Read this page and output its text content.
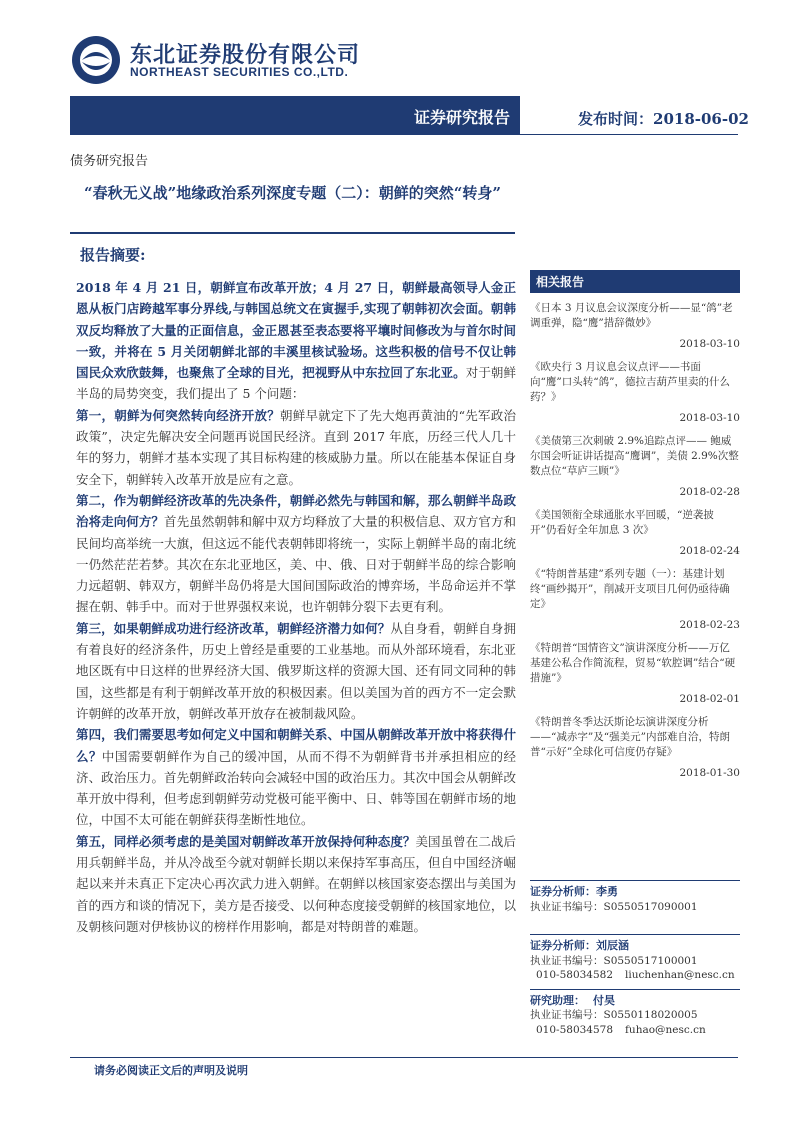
东北证券股份有限公司
NORTHEAST SECURITIES CO.,LTD.
证券研究报告	发布时间：2018-06-02
债务研究报告
“春秋无义战”地缘政治系列深度专题（二）：朝鲜的突然“转身”
报告摘要:

2018 年 4 月 21 日，朝鲜宣布改革开放；4 月 27 日，朝鲜最高领导人金正恩从板门店跨越军事分界线,与韩国总统文在寅握手,实现了朝韩初次会面。朝韩双反均释放了大量的正面信息，金正恩甚至表态要将平壤时间修改为与首尔时间一致，并将在 5 月关闭朝鲜北部的丰溪里核试验场。这些积极的信号不仅让韩国民众欢欣鼓舞，也聚焦了全球的目光，把视野从中东拉回了东北亚。对于朝鲜半岛的局势突变，我们提出了 5 个问题：

第一，朝鲜为何突然转向经济开放？朝鲜早就定下了先大炮再黄油的“先军政治政策”，决定先解决安全问题再说国民经济。直到 2017 年底，历经三代人几十年的努力，朝鲜才基本实现了其目标构建的核威胁力量。所以在能基本保证自身安全下，朝鲜转入改革开放是应有之意。

第二，作为朝鲜经济改革的先决条件，朝鲜必然先与韩国和解，那么朝鲜半岛政治将走向何方？首先虽然朝韩和解中双方均释放了大量的积极信息、双方官方和民间均高举统一大旗，但这远不能代表朝韩即将统一，实际上朝鲜半岛的南北统一仍然茫茫若梦。其次在东北亚地区，美、中、俄、日对于朝鲜半岛的综合影响力远超朝、韩双方，朝鲜半岛仍将是大国间国际政治的博弈场，半岛命运并不掌握在朝、韩手中。而对于世界强权来说，也许朝韩分裂下去更有利。

第三，如果朝鲜成功进行经济改革，朝鲜经济潜力如何？从自身看，朝鲜自身拥有着良好的经济条件，历史上曾经是重要的工业基地。而从外部环境看，东北亚地区既有中日这样的世界经济大国、俄罗斯这样的资源大国、还有同文同种的韩国，这些都是有利于朝鲜改革开放的积极因素。但以美国为首的西方不一定会默许朝鲜的改革开放，朝鲜改革开放存在被制裁风险。

第四，我们需要思考如何定义中国和朝鲜关系、中国从朝鲜改革开放中将获得什么？中国需要朝鲜作为自己的缓冲国，从而不得不为朝鲜背书并承担相应的经济、政治压力。首先朝鲜政治转向会减轻中国的政治压力。其次中国会从朝鲜改革开放中得利，但考虑到朝鲜劳动党极可能平衡中、日、韩等国在朝鲜市场的地位，中国不太可能在朝鲜获得垄断性地位。

第五，同样必须考虑的是美国对朝鲜改革开放保持何种态度？美国虽曾在二战后用兵朝鲜半岛，并从冷战至今就对朝鲜长期以来保持军事高压，但自中国经济崛起以来并未真正下定决心再次武力进入朝鲜。在朝鲜以核国家姿态摆出与美国为首的西方和谈的情况下，美方是否接受、以何种态度接受朝鲜的核国家地位，以及朝核问题对伊核协议的榜样作用影响，都是对特朗普的难题。

相关报告
《日本 3 月议息会议深度分析——显“鸽”老调重弹，隐“鹰”措辞微妙》
2018-03-10
《欧央行 3 月议息会议点评——书面向“鹰”口头转“鸽”，德拉吉葫芦里卖的什么药？》
2018-03-10
《美债第三次刺破 2.9%追踪点评—— 鲍威尔国会听证讲话提高“鹰调”，美债 2.9%次整数点位“草庐三顾”》
2018-02-28
《美国领衔全球通胀水平回暖，“逆袭披开”仍看好全年加息 3 次》
2018-02-24
《“特朗普基建”系列专题（一）：基建计划终“画纱揭开”，削减开支项目几何仍亟待确定》
2018-02-23
《特朗普“国情咨文”演讲深度分析——万亿基建公私合作简流程，贸易“软腔调”结合“硬措施”》
2018-02-01
《特朗普冬季达沃斯论坛演讲深度分析——“减赤字”及“强美元”内部难自洽，特朗普“示好”全球化可信度仍存疑》
2018-01-30
证券分析师：李勇
执业证书编号：S0550517090001
证券分析师：刘辰涵
执业证书编号：S0550517100001
010-58034582 liuchenhan@nesc.cn
研究助理： 付昊
执业证书编号：S0550118020005
010-58034578 fuhao@nesc.cn
请务必阅读正文后的声明及说明
